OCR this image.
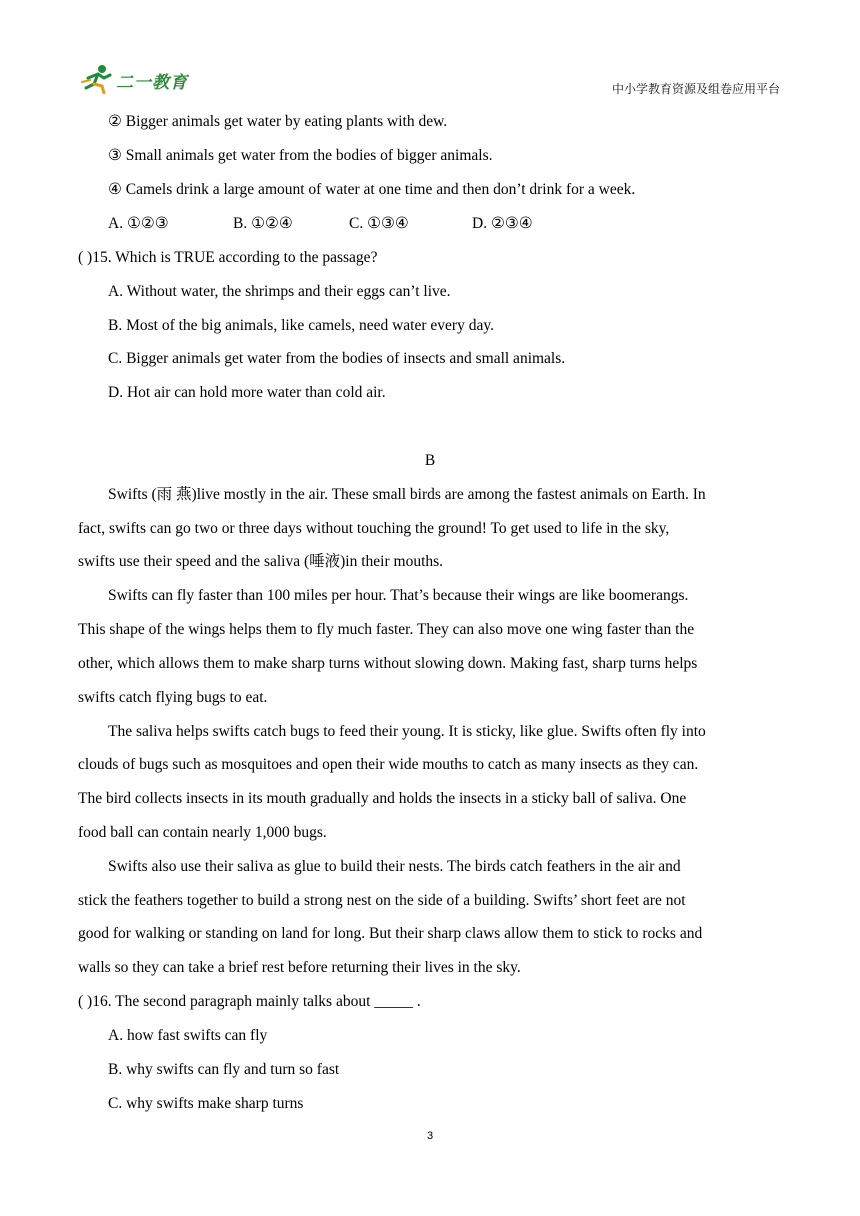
二一教育	中小学教育资源及组卷应用平台
② Bigger animals get water by eating plants with dew.
③ Small animals get water from the bodies of bigger animals.
④ Camels drink a large amount of water at one time and then don’t drink for a week.
A. ①②③	B. ①②④	C. ①③④	D. ②③④
( )15. Which is TRUE according to the passage?
A. Without water, the shrimps and their eggs can’t live.
B. Most of the big animals, like camels, need water every day.
C. Bigger animals get water from the bodies of insects and small animals.
D. Hot air can hold more water than cold air.
B
Swifts (雨 燕)live mostly in the air. These small birds are among the fastest animals on Earth. In
fact, swifts can go two or three days without touching the ground! To get used to life in the sky,
swifts use their speed and the saliva (唾液)in their mouths.
Swifts can fly faster than 100 miles per hour. That’s because their wings are like boomerangs.
This shape of the wings helps them to fly much faster. They can also move one wing faster than the
other, which allows them to make sharp turns without slowing down. Making fast, sharp turns helps
swifts catch flying bugs to eat.
The saliva helps swifts catch bugs to feed their young. It is sticky, like glue. Swifts often fly into
clouds of bugs such as mosquitoes and open their wide mouths to catch as many insects as they can.
The bird collects insects in its mouth gradually and holds the insects in a sticky ball of saliva. One
food ball can contain nearly 1,000 bugs.
Swifts also use their saliva as glue to build their nests. The birds catch feathers in the air and
stick the feathers together to build a strong nest on the side of a building. Swifts’ short feet are not
good for walking or standing on land for long. But their sharp claws allow them to stick to rocks and
walls so they can take a brief rest before returning their lives in the sky.
( )16. The second paragraph mainly talks about _____ .
A. how fast swifts can fly
B. why swifts can fly and turn so fast
C. why swifts make sharp turns
3
